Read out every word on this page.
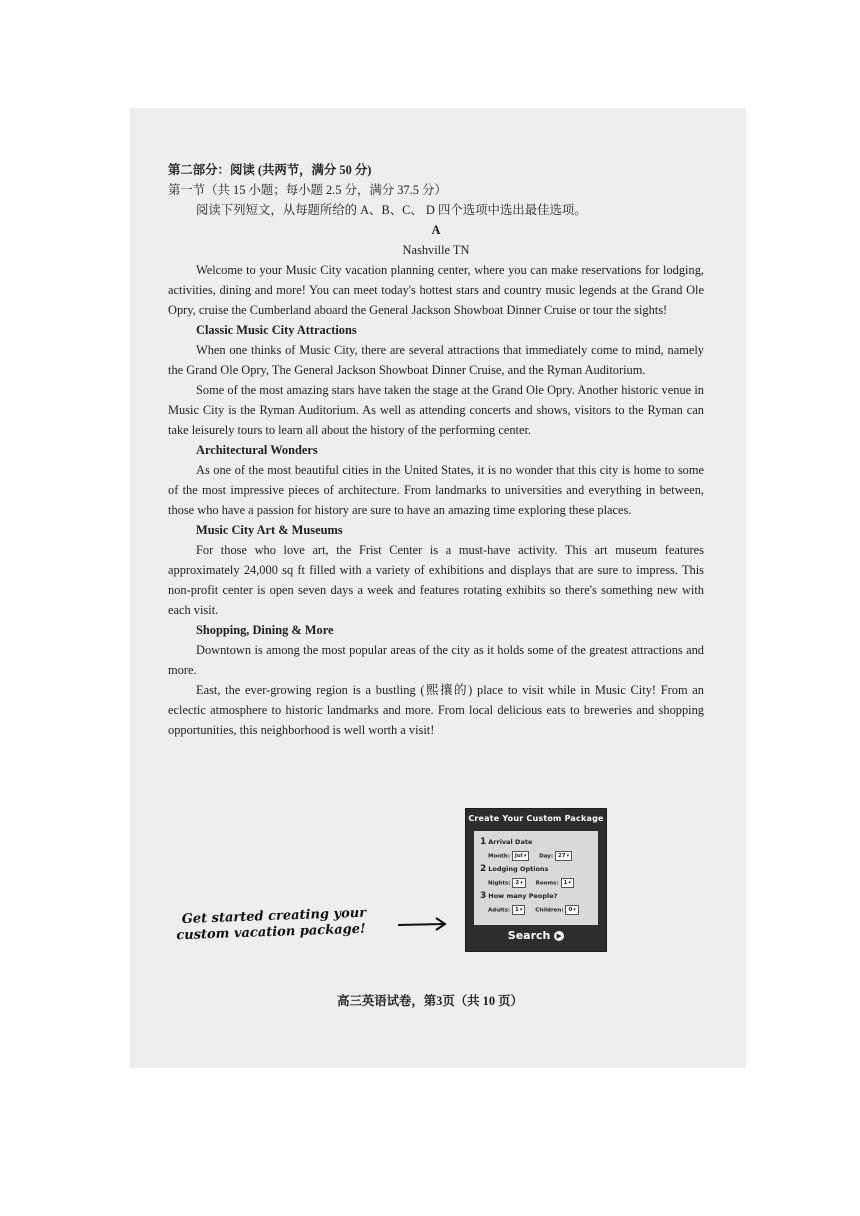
第二部分：阅读 (共两节，满分 50 分)

第一节（共 15 小题；每小题 2.5 分，满分 37.5 分）

阅读下列短文，从每题所给的 A、B、C、 D 四个选项中选出最佳选项。

A

Nashville TN

Welcome to your Music City vacation planning center, where you can make reservations for lodging, activities, dining and more! You can meet today's hottest stars and country music legends at the Grand Ole Opry, cruise the Cumberland aboard the General Jackson Showboat Dinner Cruise or tour the sights!

Classic Music City Attractions

When one thinks of Music City, there are several attractions that immediately come to mind, namely the Grand Ole Opry, The General Jackson Showboat Dinner Cruise, and the Ryman Auditorium.

Some of the most amazing stars have taken the stage at the Grand Ole Opry. Another historic venue in Music City is the Ryman Auditorium. As well as attending concerts and shows, visitors to the Ryman can take leisurely tours to learn all about the history of the performing center.

Architectural Wonders

As one of the most beautiful cities in the United States, it is no wonder that this city is home to some of the most impressive pieces of architecture. From landmarks to universities and everything in between, those who have a passion for history are sure to have an amazing time exploring these places.

Music City Art & Museums

For those who love art, the Frist Center is a must-have activity. This art museum features approximately 24,000 sq ft filled with a variety of exhibitions and displays that are sure to impress. This non-profit center is open seven days a week and features rotating exhibits so there's something new with each visit.

Shopping, Dining & More

Downtown is among the most popular areas of the city as it holds some of the greatest attractions and more.

East, the ever-growing region is a bustling (熙攘的) place to visit while in Music City! From an eclectic atmosphere to historic landmarks and more. From local delicious eats to breweries and shopping opportunities, this neighborhood is well worth a visit!

Get started creating your
custom vacation package!
Create Your Custom Package
1 Arrival Date
Month: Jul▾ Day: 27▾
2 Lodging Options
Nights: 2▾ Rooms: 1▾
3 How many People?
Adults: 1▾ Children: 0▾
Search ▶
高三英语试卷，第3页（共 10 页）
